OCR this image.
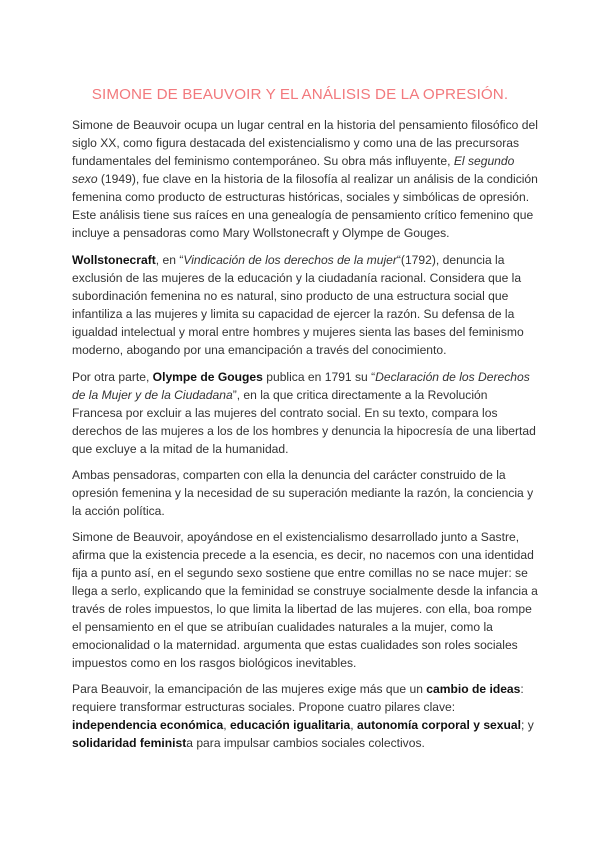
SIMONE DE BEAUVOIR Y EL ANÁLISIS DE LA OPRESIÓN.

Simone de Beauvoir ocupa un lugar central en la historia del pensamiento filosófico del siglo XX, como figura destacada del existencialismo y como una de las precursoras fundamentales del feminismo contemporáneo. Su obra más influyente, El segundo sexo (1949), fue clave en la historia de la filosofía al realizar un análisis de la condición femenina como producto de estructuras históricas, sociales y simbólicas de opresión. Este análisis tiene sus raíces en una genealogía de pensamiento crítico femenino que incluye a pensadoras como Mary Wollstonecraft y Olympe de Gouges.

Wollstonecraft, en “Vindicación de los derechos de la mujer“(1792), denuncia la exclusión de las mujeres de la educación y la ciudadanía racional. Considera que la subordinación femenina no es natural, sino producto de una estructura social que infantiliza a las mujeres y limita su capacidad de ejercer la razón. Su defensa de la igualdad intelectual y moral entre hombres y mujeres sienta las bases del feminismo moderno, abogando por una emancipación a través del conocimiento.

Por otra parte, Olympe de Gouges publica en 1791 su “Declaración de los Derechos de la Mujer y de la Ciudadana”, en la que critica directamente a la Revolución Francesa por excluir a las mujeres del contrato social. En su texto, compara los derechos de las mujeres a los de los hombres y denuncia la hipocresía de una libertad que excluye a la mitad de la humanidad.

Ambas pensadoras, comparten con ella la denuncia del carácter construido de la opresión femenina y la necesidad de su superación mediante la razón, la conciencia y la acción política.

Simone de Beauvoir, apoyándose en el existencialismo desarrollado junto a Sastre, afirma que la existencia precede a la esencia, es decir, no nacemos con una identidad fija a punto así, en el segundo sexo sostiene que entre comillas no se nace mujer: se llega a serlo, explicando que la feminidad se construye socialmente desde la infancia a través de roles impuestos, lo que limita la libertad de las mujeres. con ella, boa rompe el pensamiento en el que se atribuían cualidades naturales a la mujer, como la emocionalidad o la maternidad. argumenta que estas cualidades son roles sociales impuestos como en los rasgos biológicos inevitables.

Para Beauvoir, la emancipación de las mujeres exige más que un cambio de ideas: requiere transformar estructuras sociales. Propone cuatro pilares clave: independencia económica, educación igualitaria, autonomía corporal y sexual; y solidaridad feminista para impulsar cambios sociales colectivos.
